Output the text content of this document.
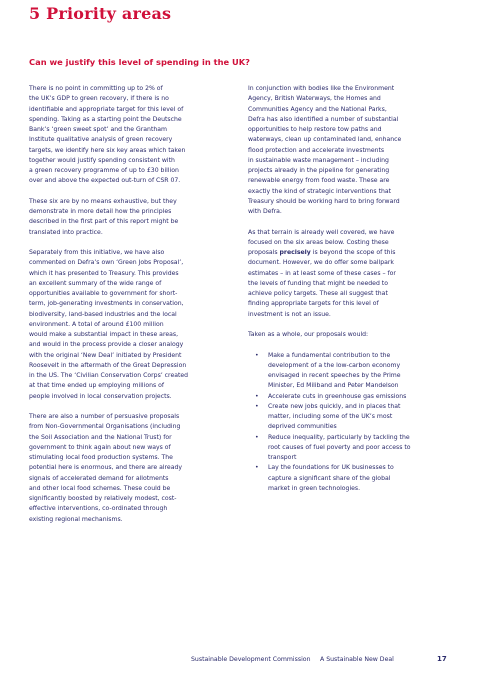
5 Priority areas
Can we justify this level of spending in the UK?

There is no point in committing up to 2% of
the UK’s GDP to green recovery, if there is no
identifiable and appropriate target for this level of
spending. Taking as a starting point the Deutsche
Bank’s ‘green sweet spot’ and the Grantham
Institute qualitative analysis of green recovery
targets, we identify here six key areas which taken
together would justify spending consistent with
a green recovery programme of up to £30 billion
over and above the expected out-turn of CSR 07.

These six are by no means exhaustive, but they
demonstrate in more detail how the principles
described in the first part of this report might be
translated into practice.

Separately from this initiative, we have also
commented on Defra’s own ‘Green Jobs Proposal’,
which it has presented to Treasury. This provides
an excellent summary of the wide range of
opportunities available to government for short-
term, job-generating investments in conservation,
biodiversity, land-based industries and the local
environment. A total of around £100 million
would make a substantial impact in these areas,
and would in the process provide a closer analogy
with the original ‘New Deal’ initiated by President
Roosevelt in the aftermath of the Great Depression
in the US. The ‘Civilian Conservation Corps’ created
at that time ended up employing millions of
people involved in local conservation projects.

There are also a number of persuasive proposals
from Non-Governmental Organisations (including
the Soil Association and the National Trust) for
government to think again about new ways of
stimulating local food production systems. The
potential here is enormous, and there are already
signals of accelerated demand for allotments
and other local food schemes. These could be
significantly boosted by relatively modest, cost-
effective interventions, co-ordinated through
existing regional mechanisms.

In conjunction with bodies like the Environment
Agency, British Waterways, the Homes and
Communities Agency and the National Parks,
Defra has also identified a number of substantial
opportunities to help restore tow paths and
waterways, clean up contaminated land, enhance
flood protection and accelerate investments
in sustainable waste management – including
projects already in the pipeline for generating
renewable energy from food waste. These are
exactly the kind of strategic interventions that
Treasury should be working hard to bring forward
with Defra.

As that terrain is already well covered, we have
focused on the six areas below. Costing these
proposals precisely is beyond the scope of this
document. However, we do offer some ballpark
estimates – in at least some of these cases – for
the levels of funding that might be needed to
achieve policy targets. These all suggest that
finding appropriate targets for this level of
investment is not an issue.

Taken as a whole, our proposals would:

• Make a fundamental contribution to the
development of a the low-carbon economy
envisaged in recent speeches by the Prime
Minister, Ed Miliband and Peter Mandelson
• Accelerate cuts in greenhouse gas emissions
• Create new jobs quickly, and in places that
matter, including some of the UK’s most
deprived communities
• Reduce inequality, particularly by tackling the
root causes of fuel poverty and poor access to
transport
• Lay the foundations for UK businesses to
capture a significant share of the global
market in green technologies.
Sustainable Development Commission A Sustainable New Deal	17
